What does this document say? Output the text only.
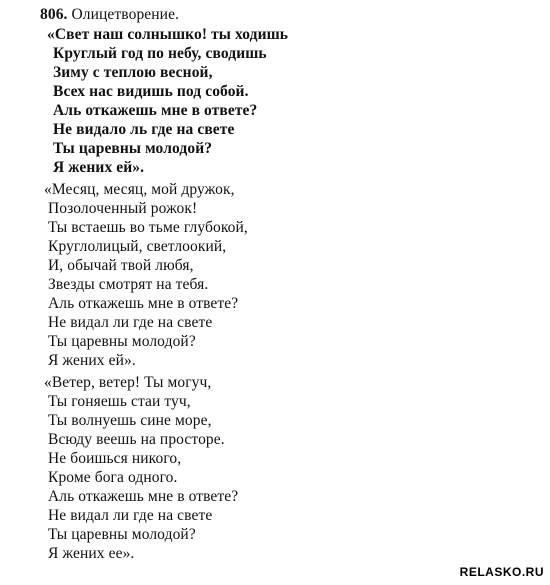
806. Олицетворение.
«Свет наш солнышко! ты ходишь
Круглый год по небу, сводишь
Зиму с теплою весной,
Всех нас видишь под собой.
Аль откажешь мне в ответе?
Не видало ль где на свете
Ты царевны молодой?
Я жених ей».
«Месяц, месяц, мой дружок,
Позолоченный рожок!
Ты встаешь во тьме глубокой,
Круглолицый, светлоокий,
И, обычай твой любя,
Звезды смотрят на тебя.
Аль откажешь мне в ответе?
Не видал ли где на свете
Ты царевны молодой?
Я жених ей».
«Ветер, ветер! Ты могуч,
Ты гоняешь стаи туч,
Ты волнуешь сине море,
Всюду веешь на просторе.
Не боишься никого,
Кроме бога одного.
Аль откажешь мне в ответе?
Не видал ли где на свете
Ты царевны молодой?
Я жених ее».
RELASKO.RU
